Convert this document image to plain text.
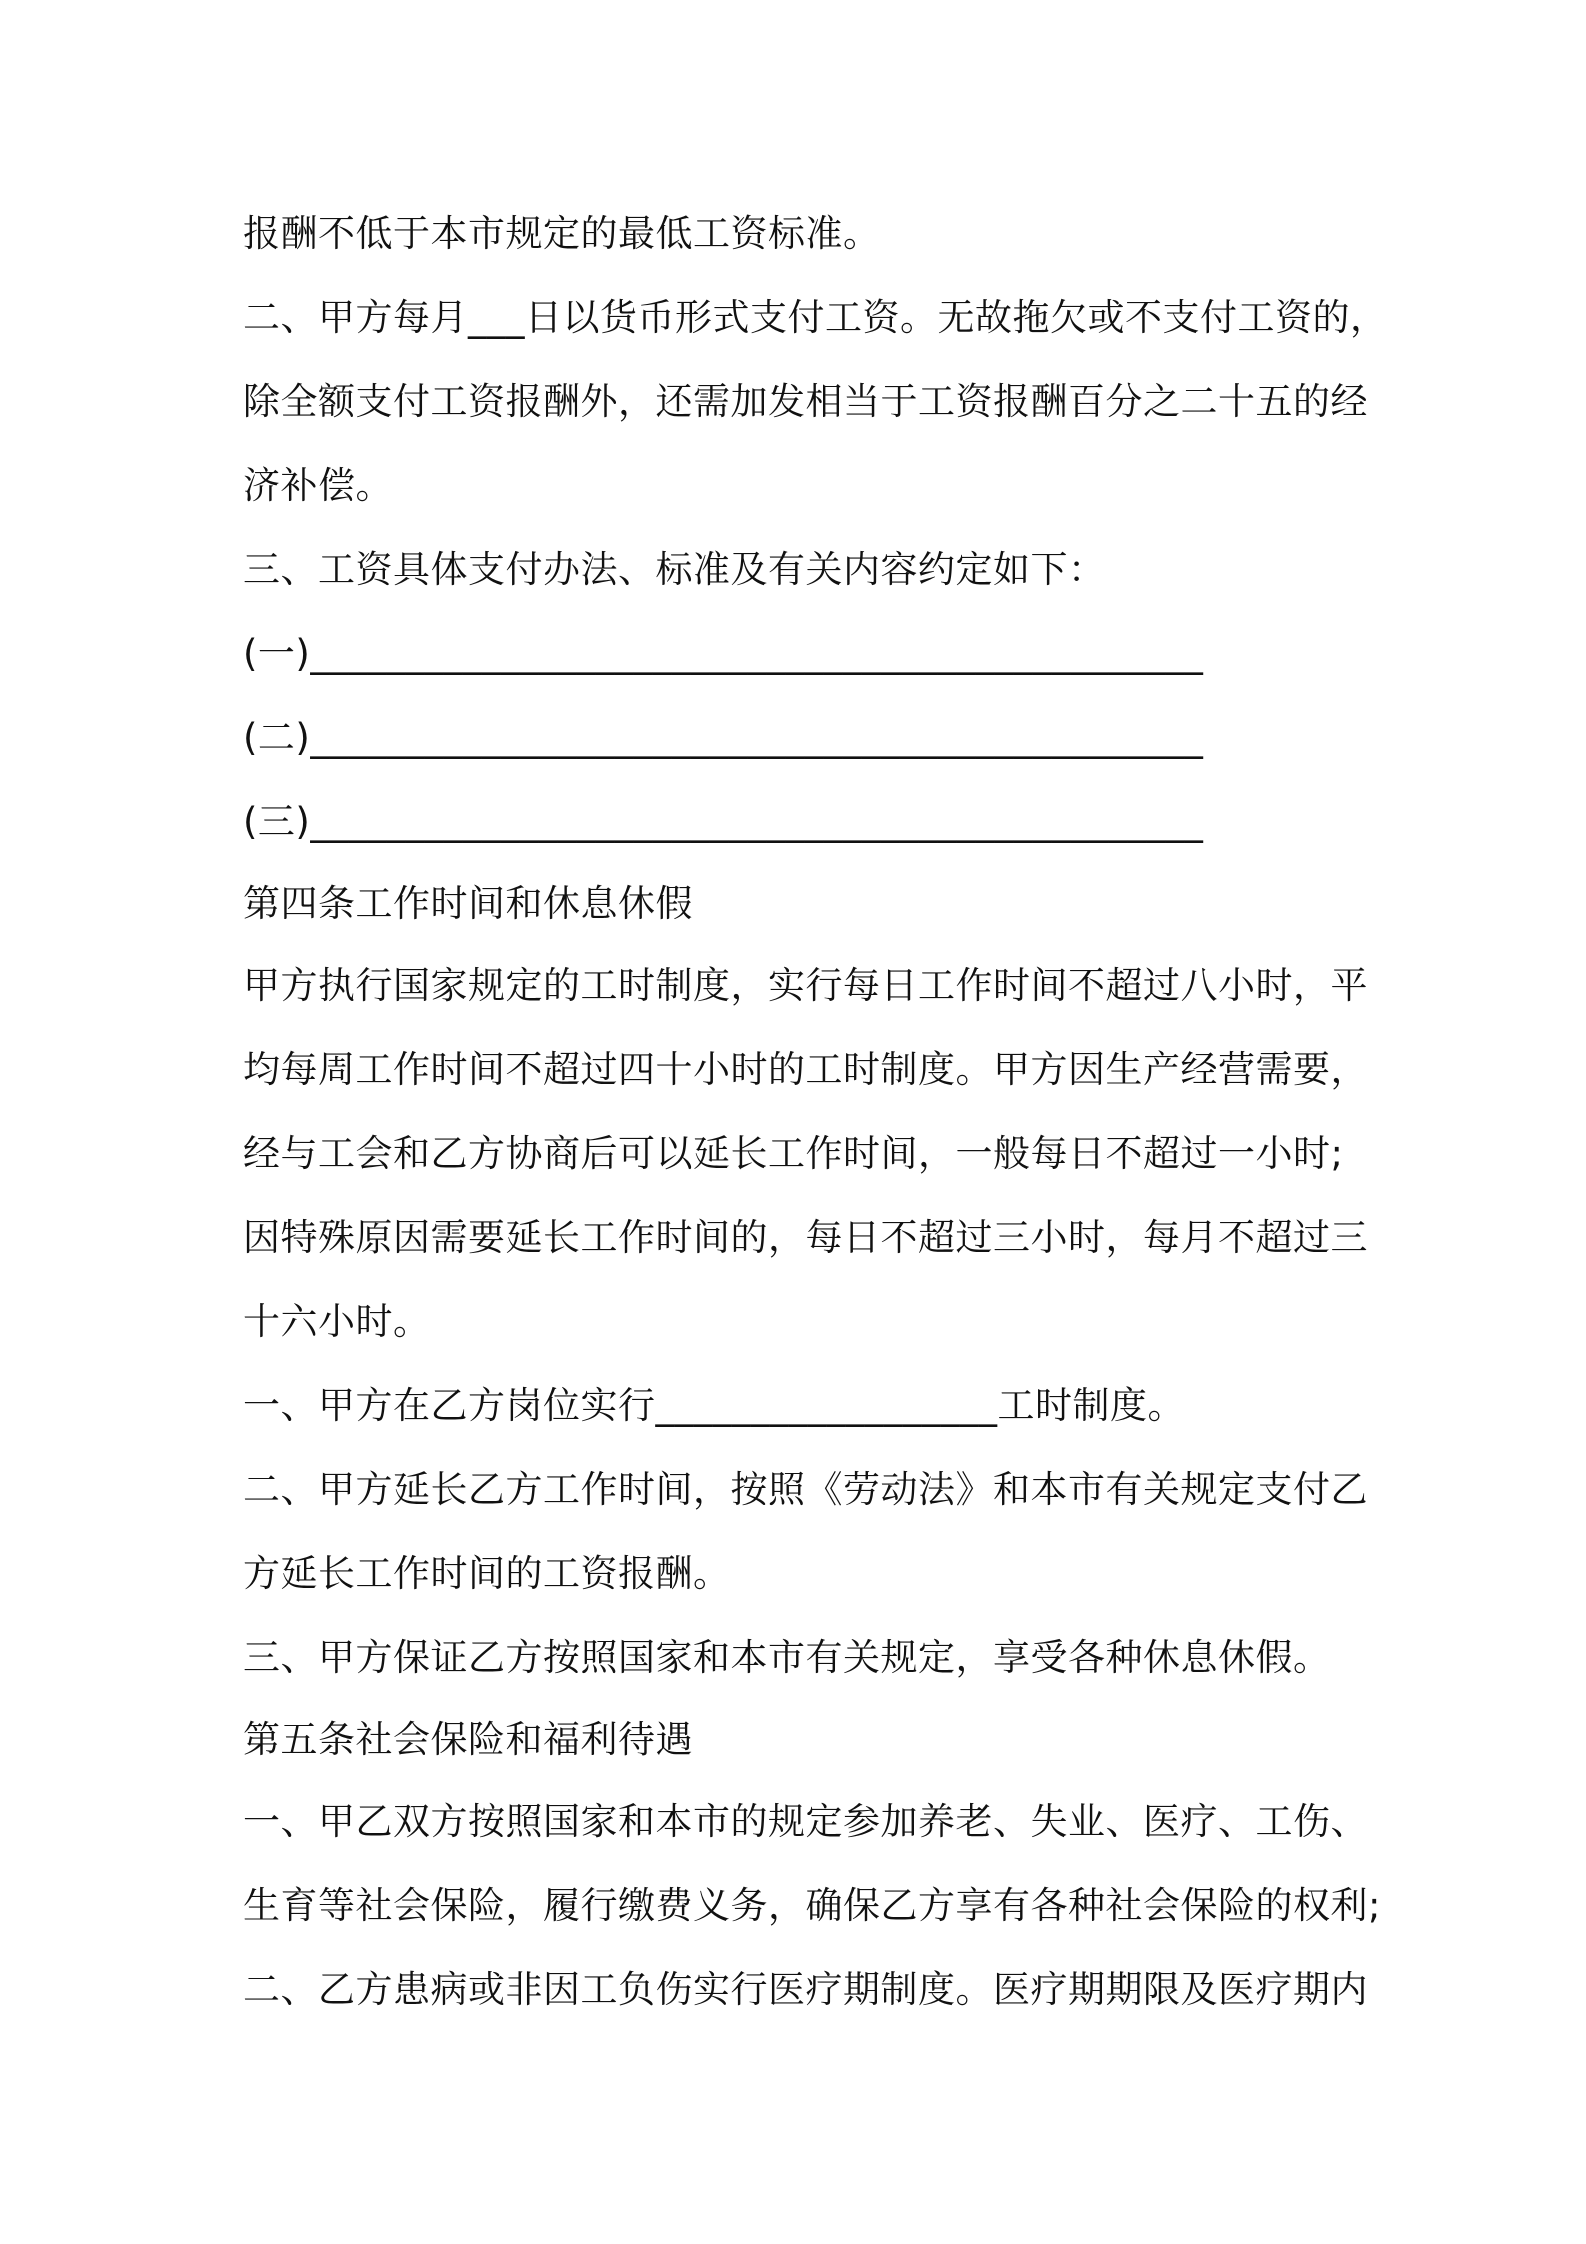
报酬不低于本市规定的最低工资标准。
二、甲方每月___日以货币形式支付工资。无故拖欠或不支付工资的，
除全额支付工资报酬外，还需加发相当于工资报酬百分之二十五的经
济补偿。
三、工资具体支付办法、标准及有关内容约定如下：
(一)_______________________________________________
(二)_______________________________________________
(三)_______________________________________________
第四条工作时间和休息休假
甲方执行国家规定的工时制度，实行每日工作时间不超过八小时，平
均每周工作时间不超过四十小时的工时制度。甲方因生产经营需要，
经与工会和乙方协商后可以延长工作时间，一般每日不超过一小时;
因特殊原因需要延长工作时间的，每日不超过三小时，每月不超过三
十六小时。
一、甲方在乙方岗位实行__________________工时制度。
二、甲方延长乙方工作时间，按照《劳动法》和本市有关规定支付乙
方延长工作时间的工资报酬。
三、甲方保证乙方按照国家和本市有关规定，享受各种休息休假。
第五条社会保险和福利待遇
一、甲乙双方按照国家和本市的规定参加养老、失业、医疗、工伤、
生育等社会保险，履行缴费义务，确保乙方享有各种社会保险的权利;
二、乙方患病或非因工负伤实行医疗期制度。医疗期期限及医疗期内
